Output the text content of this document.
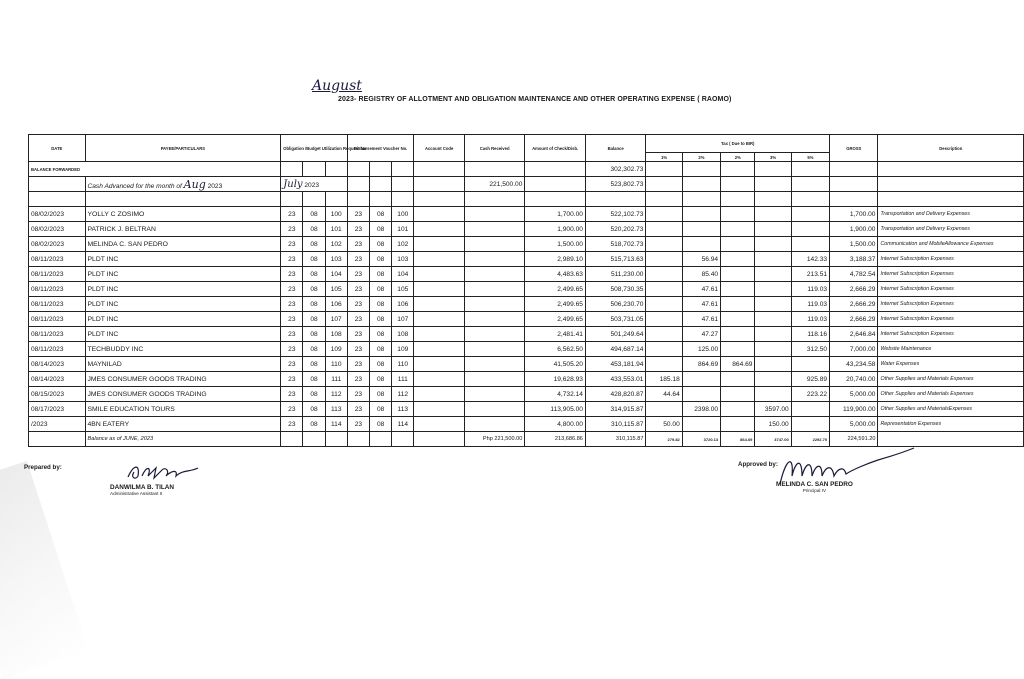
August
2023- REGISTRY OF ALLOTMENT AND OBLIGATION MAINTENANCE AND OTHER OPERATING EXPENSE ( RAOMO)
DATE	PAYEE/PARTICULARS	Obligation /Budget Utilization Request No			Disbursement Voucher No.			Account Code	Cash Received	Amount of Check/Disb.	Balance	Tax ( Due to BIR)					GROSS	Description
												1%	2%	2%	3%	5%		
BALANCE FORWARDED											302,302.73							
	Cash Advanced for the month of Aug 2023	July 2023							221,500.00		523,802.73							

08/02/2023	YOLLY C ZOSIMO	23	08	100	23	08	100			1,700.00	522,102.73						1,700.00	Transportation and Delivery Expenses
08/02/2023	PATRICK J. BELTRAN	23	08	101	23	08	101			1,900.00	520,202.73						1,900.00	Transportation and Delivery Expenses
08/02/2023	MELINDA C. SAN PEDRO	23	08	102	23	08	102			1,500.00	518,702.73						1,500.00	Communication and MobileAllowance Expenses
08/11/2023	PLDT INC	23	08	103	23	08	103			2,989.10	515,713.63		56.94			142.33	3,188.37	Internet Subscription Expenses
08/11/2023	PLDT INC	23	08	104	23	08	104			4,483.63	511,230.00		85.40			213.51	4,782.54	Internet Subscription Expenses
08/11/2023	PLDT INC	23	08	105	23	08	105			2,499.65	508,730.35		47.61			119.03	2,666.29	Internet Subscription Expenses
08/11/2023	PLDT INC	23	08	106	23	08	106			2,499.65	506,230.70		47.61			119.03	2,666.29	Internet Subscription Expenses
08/11/2023	PLDT INC	23	08	107	23	08	107			2,499.65	503,731.05		47.61			119.03	2,666.29	Internet Subscription Expenses
08/11/2023	PLDT INC	23	08	108	23	08	108			2,481.41	501,249.64		47.27			118.16	2,646.84	Internet Subscription Expenses
08/11/2023	TECHBUDDY INC	23	08	109	23	08	109			6,562.50	494,687.14		125.00			312.50	7,000.00	Website Maintenance
08/14/2023	MAYNILAD	23	08	110	23	08	110			41,505.20	453,181.94		864.69	864.69			43,234.58	Water Expenses
08/14/2023	JMES CONSUMER GOODS TRADING	23	08	111	23	08	111			19,628.93	433,553.01	185.18				925.89	20,740.00	Other Supplies and Materials Expenses
08/15/2023	JMES CONSUMER GOODS TRADING	23	08	112	23	08	112			4,732.14	428,820.87	44.64				223.22	5,000.00	Other Supplies and Materials Expenses
08/17/2023	SMILE EDUCATION TOURS	23	08	113	23	08	113			113,905.00	314,915.87		2398.00		3597.00		119,900.00	Other Supplies and MaterialsExpenses
/2023	4BN EATERY	23	08	114	23	08	114			4,800.00	310,115.87	50.00			150.00		5,000.00	Representation Expenses
	Balance as of JUNE, 2023								Php 221,500.00	213,686.86	310,115.87	279.82	3720.13	864.69	3747.00	2292.70	224,591.20	
Prepared by:
DANWILMA B. TILAN
Administrative Assistant II
Approved by:
MELINDA C. SAN PEDRO
Principal IV
